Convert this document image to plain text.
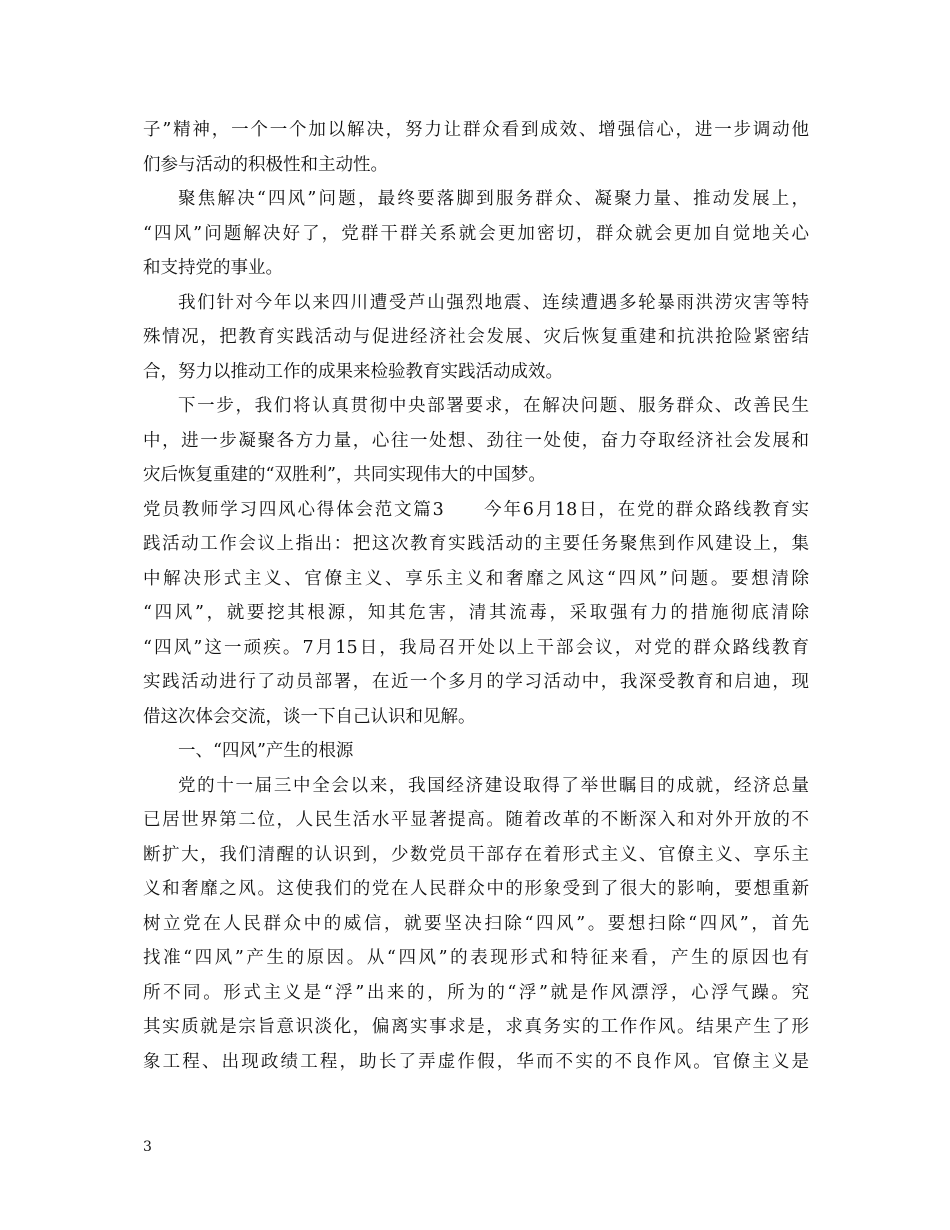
子”精神，一个一个加以解决，努力让群众看到成效、增强信心，进一步调动他
们参与活动的积极性和主动性。
聚焦解决“四风”问题，最终要落脚到服务群众、凝聚力量、推动发展上，
“四风”问题解决好了，党群干群关系就会更加密切，群众就会更加自觉地关心
和支持党的事业。
我们针对今年以来四川遭受芦山强烈地震、连续遭遇多轮暴雨洪涝灾害等特
殊情况，把教育实践活动与促进经济社会发展、灾后恢复重建和抗洪抢险紧密结
合，努力以推动工作的成果来检验教育实践活动成效。
下一步，我们将认真贯彻中央部署要求，在解决问题、服务群众、改善民生
中，进一步凝聚各方力量，心往一处想、劲往一处使，奋力夺取经济社会发展和
灾后恢复重建的“双胜利”，共同实现伟大的中国梦。
党员教师学习四风心得体会范文篇3　　今年6月18日，在党的群众路线教育实
践活动工作会议上指出：把这次教育实践活动的主要任务聚焦到作风建设上，集
中解决形式主义、官僚主义、享乐主义和奢靡之风这“四风”问题。要想清除
“四风”，就要挖其根源，知其危害，清其流毒，采取强有力的措施彻底清除
“四风”这一顽疾。7月15日，我局召开处以上干部会议，对党的群众路线教育
实践活动进行了动员部署，在近一个多月的学习活动中，我深受教育和启迪，现
借这次体会交流，谈一下自己认识和见解。
一、“四风”产生的根源
党的十一届三中全会以来，我国经济建设取得了举世瞩目的成就，经济总量
已居世界第二位，人民生活水平显著提高。随着改革的不断深入和对外开放的不
断扩大，我们清醒的认识到，少数党员干部存在着形式主义、官僚主义、享乐主
义和奢靡之风。这使我们的党在人民群众中的形象受到了很大的影响，要想重新
树立党在人民群众中的威信，就要坚决扫除“四风”。要想扫除“四风”，首先
找准“四风”产生的原因。从“四风”的表现形式和特征来看，产生的原因也有
所不同。形式主义是“浮”出来的，所为的“浮”就是作风漂浮，心浮气躁。究
其实质就是宗旨意识淡化，偏离实事求是，求真务实的工作作风。结果产生了形
象工程、出现政绩工程，助长了弄虚作假，华而不实的不良作风。官僚主义是
3
